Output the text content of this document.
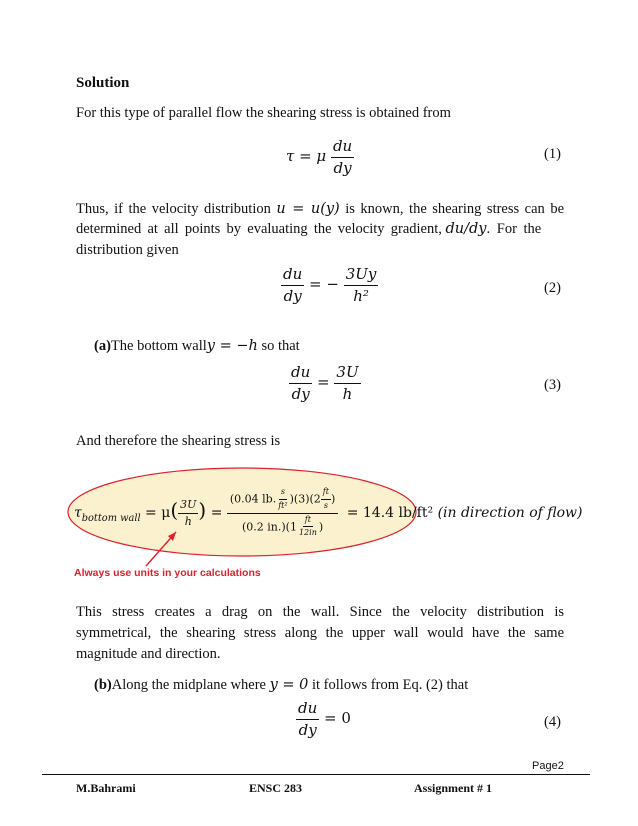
Solution
For this type of parallel flow the shearing stress is obtained from
τ = μ $\frac{du}{dy}$	(1)
Thus, if the velocity distribution u = u(y) is known, the shearing stress can be
determined at all points by evaluating the velocity gradient, du/dy. For the
distribution given
$\frac{du}{dy}$ = − $\frac{3Uy}{\text{h²}}$	(2)
(a)The bottom wally = −h so that
$\frac{du}{dy} = \frac{3U}{h}$	(3)
And therefore the shearing stress is
$\tau_{bottom wall} = \mu( \frac{3U}{h}$ ) = $\frac{(0.04 lb. \frac{s}{\text{ft²}} )(3)(2 \frac{ft}{s} )}{(0.2 in.)(1 \frac{ft}{12in} )} = 14.4$ lb/ft² (in direction of flow)
Always use units in your calculations
This stress creates a drag on the wall. Since the velocity distribution is
symmetrical, the shearing stress along the upper wall would have the same
magnitude and direction.
(b)Along the midplane where y = 0 it follows from Eq. (2) that
$\frac{du}{dy} = 0$	(4)
Page2
M.Bahrami	ENSC 283	Assignment # 1
